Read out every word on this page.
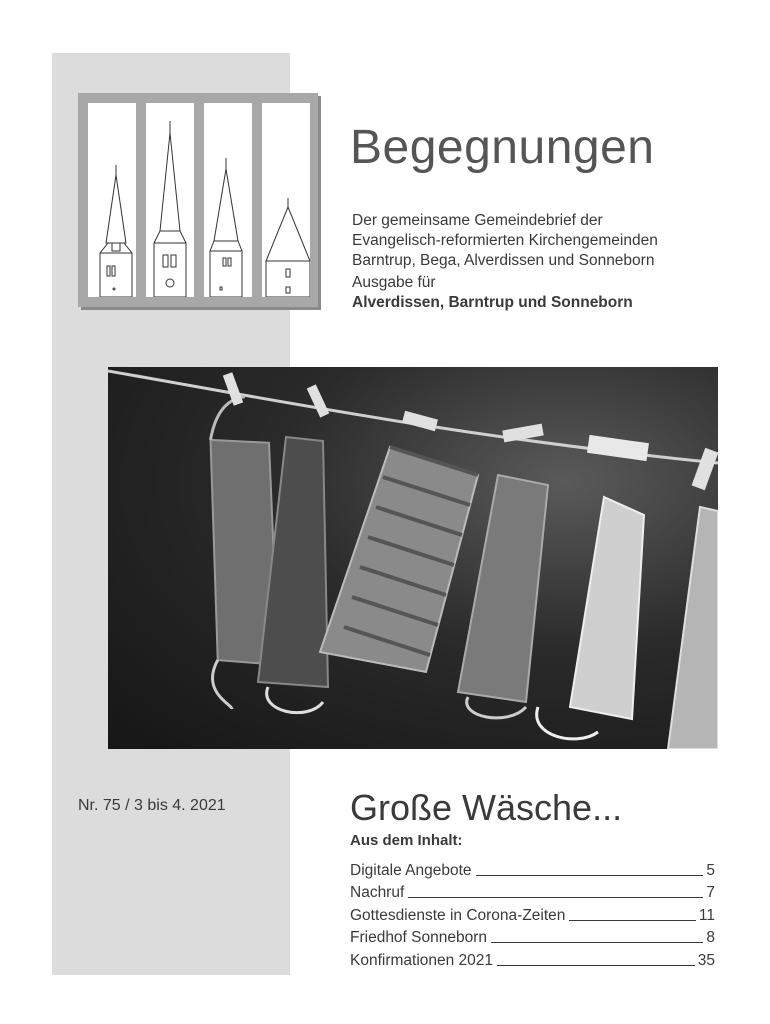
Begegnungen
Der gemeinsame Gemeindebrief der
Evangelisch-reformierten Kirchengemeinden
Barntrup, Bega, Alverdissen und Sonneborn
Ausgabe für
Alverdissen, Barntrup und Sonneborn
Nr. 75 / 3 bis 4. 2021	Große Wäsche...
Aus dem Inhalt:
Digitale Angebote	5
Nachruf	7
Gottesdienste in Corona-Zeiten	11
Friedhof Sonneborn	8
Konfirmationen 2021	35
